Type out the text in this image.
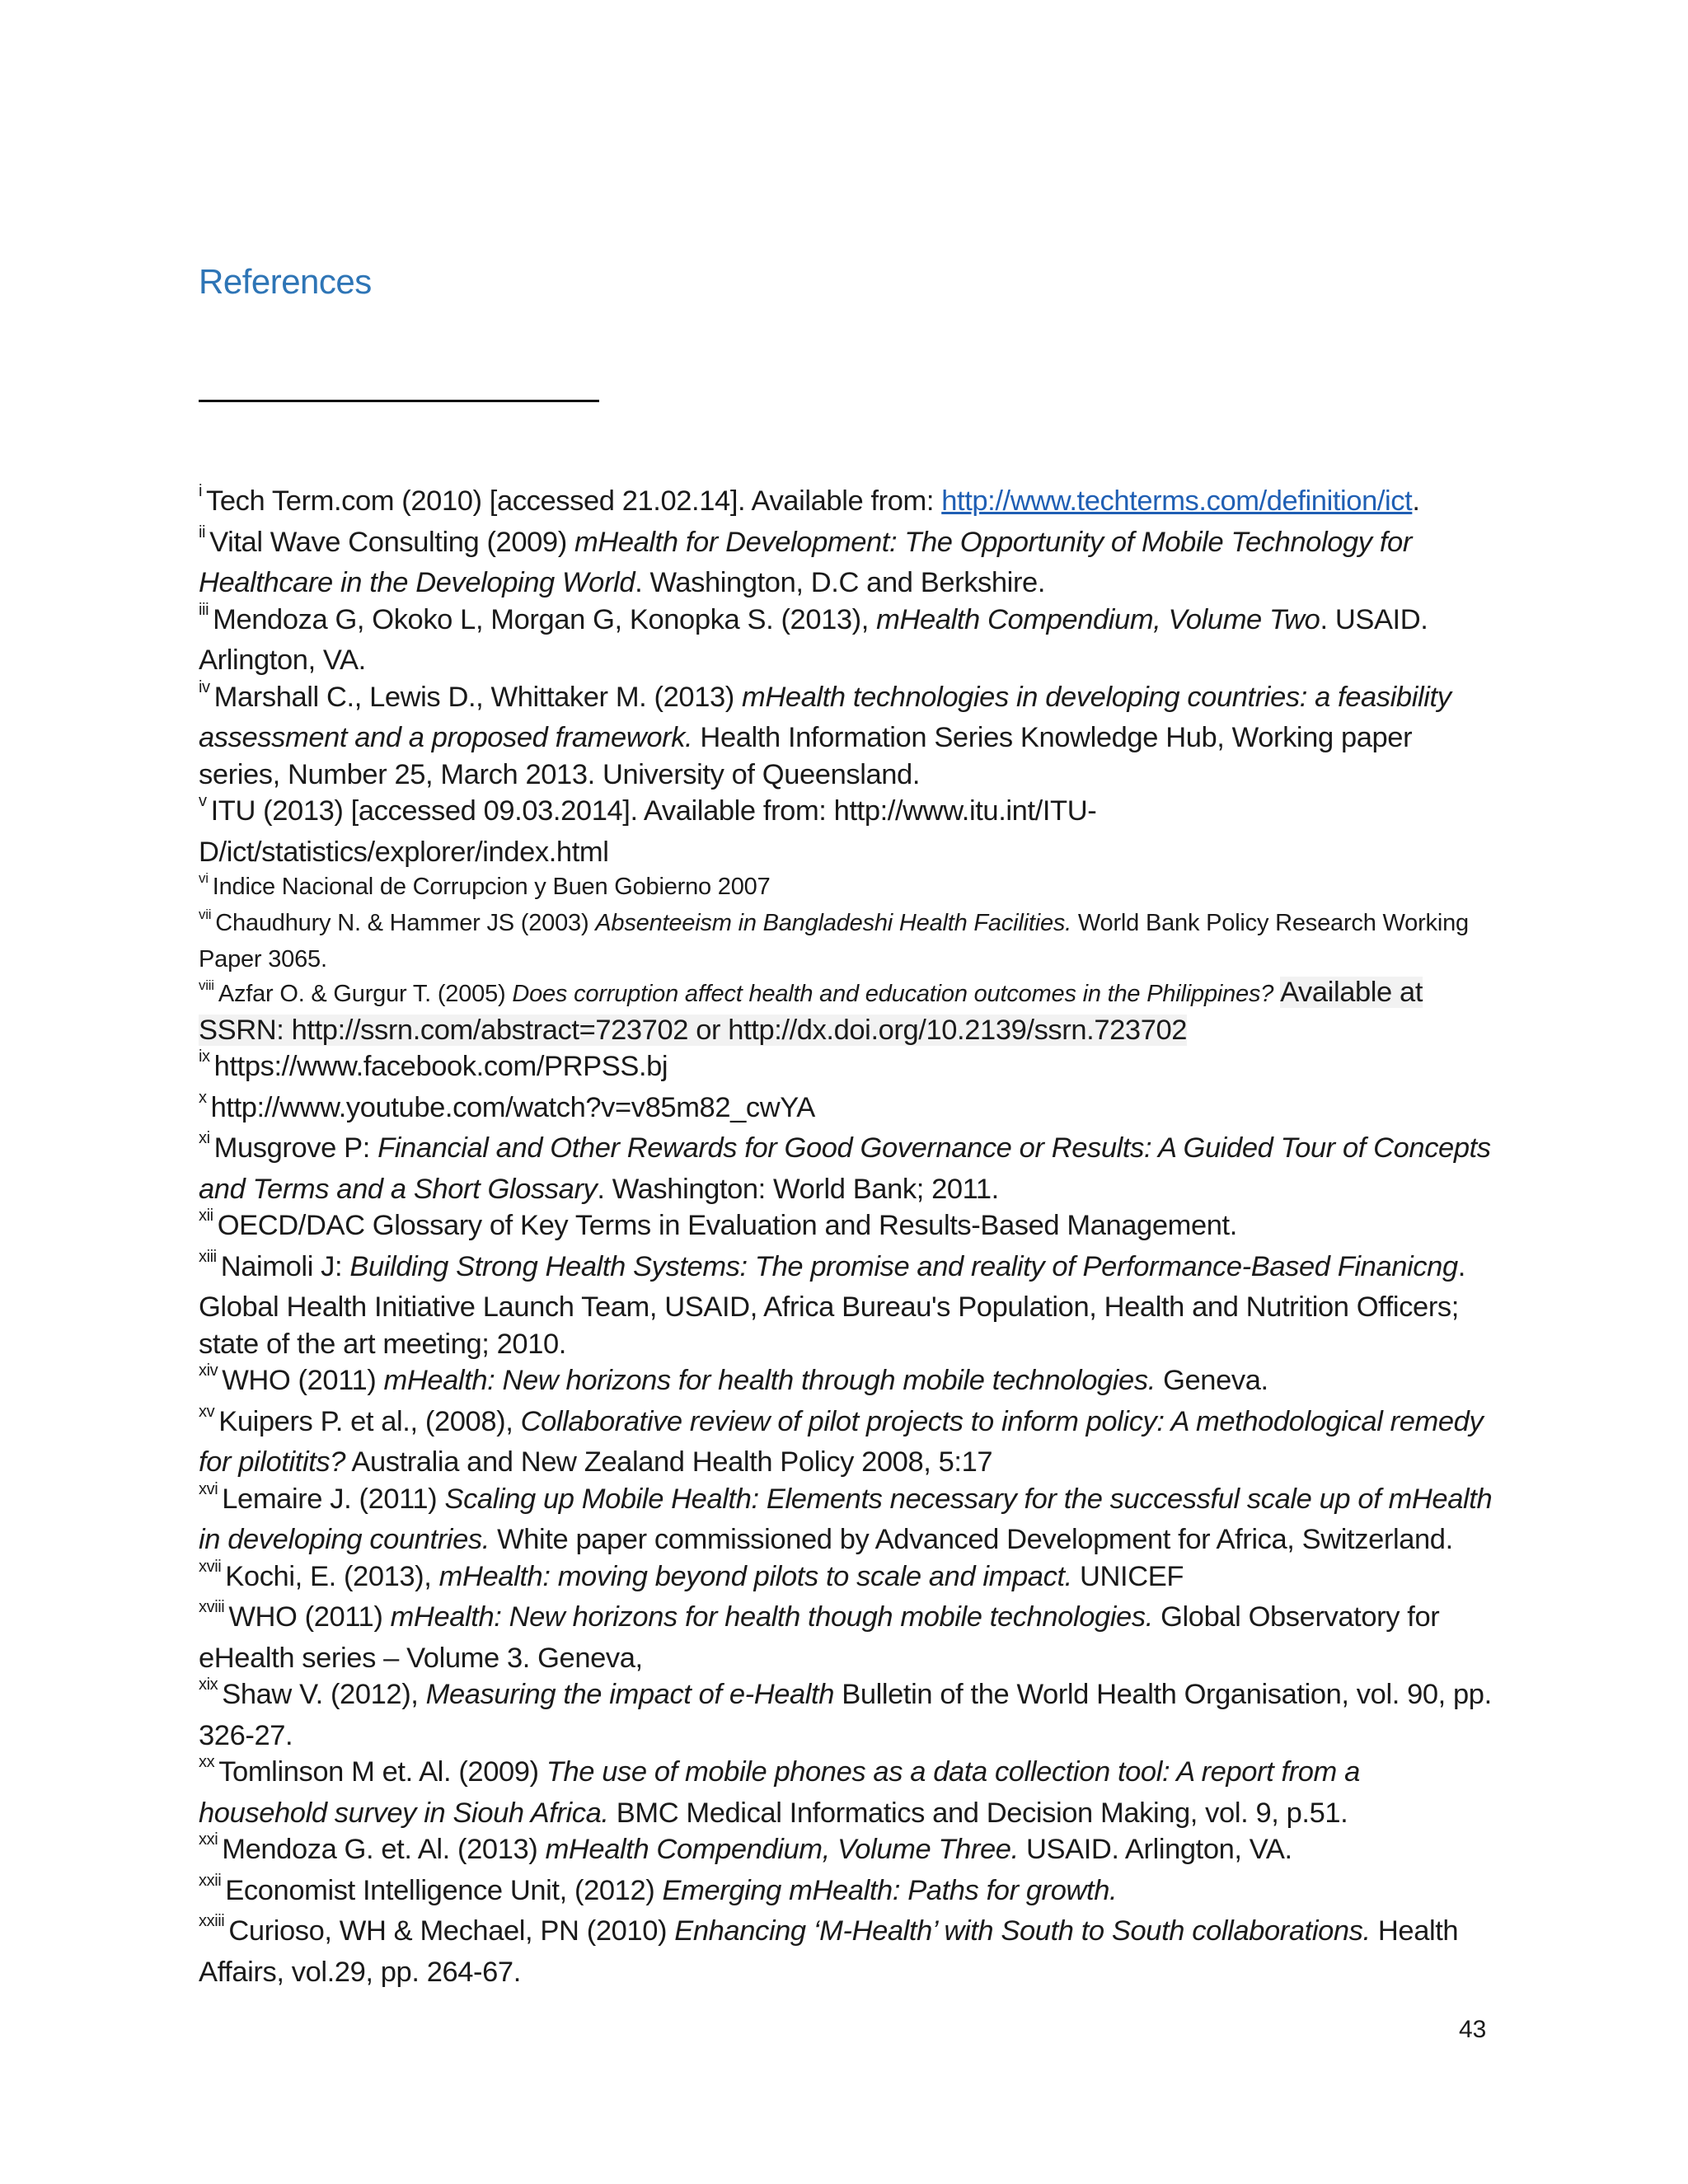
References
$^i$ Tech Term.com (2010) [accessed 21.02.14]. Available from: http://www.techterms.com/definition/ict.
$^{ii}$ Vital Wave Consulting (2009) mHealth for Development: The Opportunity of Mobile Technology for Healthcare in the Developing World. Washington, D.C and Berkshire.
$^{iii}$ Mendoza G, Okoko L, Morgan G, Konopka S. (2013), mHealth Compendium, Volume Two. USAID. Arlington, VA.
$^{iv}$ Marshall C., Lewis D., Whittaker M. (2013) mHealth technologies in developing countries: a feasibility assessment and a proposed framework. Health Information Series Knowledge Hub, Working paper series, Number 25, March 2013. University of Queensland.
$^v$ ITU (2013) [accessed 09.03.2014]. Available from: http://www.itu.int/ITU-D/ict/statistics/explorer/index.html
$^{vi}$ Indice Nacional de Corrupcion y Buen Gobierno 2007
$^{vii}$ Chaudhury N. & Hammer JS (2003) Absenteeism in Bangladeshi Health Facilities. World Bank Policy Research Working Paper 3065.
$^{viii}$ Azfar O. & Gurgur T. (2005) Does corruption affect health and education outcomes in the Philippines? Available at SSRN: http://ssrn.com/abstract=723702 or http://dx.doi.org/10.2139/ssrn.723702
$^{ix}$ https://www.facebook.com/PRPSS.bj
$^x$ http://www.youtube.com/watch?v=v85m82_cwYA
$^{xi}$ Musgrove P: Financial and Other Rewards for Good Governance or Results: A Guided Tour of Concepts and Terms and a Short Glossary. Washington: World Bank; 2011.
$^{xii}$ OECD/DAC Glossary of Key Terms in Evaluation and Results-Based Management.
$^{xiii}$ Naimoli J: Building Strong Health Systems: The promise and reality of Performance-Based Finanicng. Global Health Initiative Launch Team, USAID, Africa Bureau's Population, Health and Nutrition Officers; state of the art meeting; 2010.
$^{xiv}$ WHO (2011) mHealth: New horizons for health through mobile technologies. Geneva.
$^{xv}$ Kuipers P. et al., (2008), Collaborative review of pilot projects to inform policy: A methodological remedy for pilotitits? Australia and New Zealand Health Policy 2008, 5:17
$^{xvi}$ Lemaire J. (2011) Scaling up Mobile Health: Elements necessary for the successful scale up of mHealth in developing countries. White paper commissioned by Advanced Development for Africa, Switzerland.
$^{xvii}$ Kochi, E. (2013), mHealth: moving beyond pilots to scale and impact. UNICEF
$^{xviii}$ WHO (2011) mHealth: New horizons for health though mobile technologies. Global Observatory for eHealth series – Volume 3. Geneva,
$^{xix}$ Shaw V. (2012), Measuring the impact of e-Health Bulletin of the World Health Organisation, vol. 90, pp. 326-27.
$^{xx}$ Tomlinson M et. Al. (2009) The use of mobile phones as a data collection tool: A report from a household survey in Siouh Africa. BMC Medical Informatics and Decision Making, vol. 9, p.51.
$^{xxi}$ Mendoza G. et. Al. (2013) mHealth Compendium, Volume Three. USAID. Arlington, VA.
$^{xxii}$ Economist Intelligence Unit, (2012) Emerging mHealth: Paths for growth.
$^{xxiii}$ Curioso, WH & Mechael, PN (2010) Enhancing ‘M-Health’ with South to South collaborations. Health Affairs, vol.29, pp. 264-67.
43
